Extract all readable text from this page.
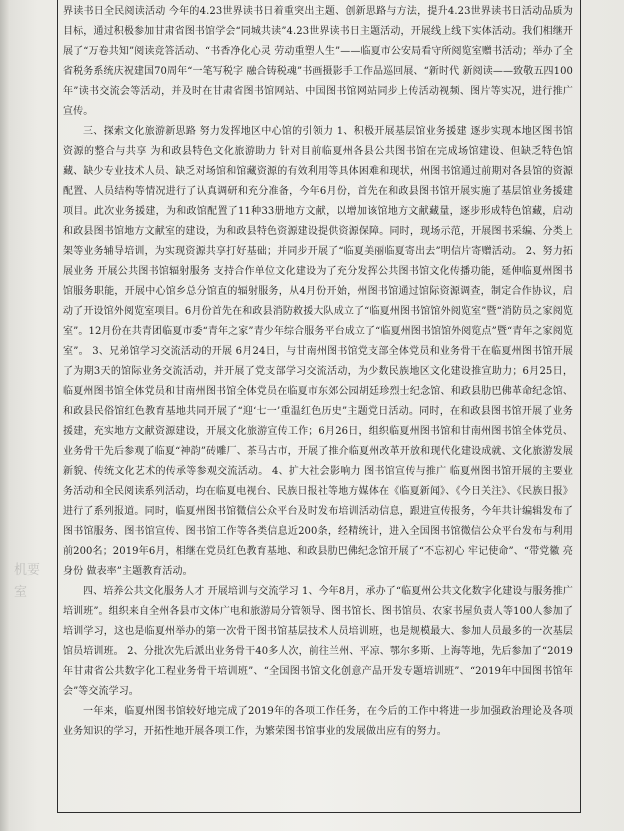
机要室

界读书日全民阅读活动 今年的4.23世界读书日着重突出主题、创新思路与方法，提升4.23世界读书日活动品质为目标，通过积极参加甘肃省图书馆学会“同城共读”4.23世界读书日主题活动，开展线上线下实体活动。我们相继开展了“万卷共知”阅读竞答活动、“书香净化心灵 劳动重塑人生”——临夏市公安局看守所阅览室赠书活动；举办了全省税务系统庆祝建国70周年“一笔写税字 融合铸税魂”书画摄影手工作品巡回展、“新时代 新阅读——致敬五四100年”读书交流会等活动，并及时在甘肃省图书馆网站、中国图书馆网站同步上传活动视频、图片等实况，进行推广宣传。

三、探索文化旅游新思路 努力发挥地区中心馆的引领力 1、积极开展基层馆业务援建 逐步实现本地区图书馆资源的整合与共享 为和政县特色文化旅游助力 针对目前临夏州各县公共图书馆在完成场馆建设、但缺乏特色馆藏、缺少专业技术人员、缺乏对场馆和馆藏资源的有效利用等具体困难和现状，州图书馆通过前期对各县馆的资源配置、人员结构等情况进行了认真调研和充分准备，今年6月份，首先在和政县图书馆开展实施了基层馆业务援建项目。此次业务援建，为和政馆配置了11种33册地方文献，以增加该馆地方文献藏量，逐步形成特色馆藏，启动和政县图书馆地方文献室的建设，为和政县特色资源建设提供资源保障。同时，现场示范，开展图书采编、分类上架等业务辅导培训，为实现资源共享打好基础；并同步开展了“临夏美丽临夏寄出去”明信片寄赠活动。 2、努力拓展业务 开展公共图书馆辐射服务 支持合作单位文化建设为了充分发挥公共图书馆文化传播功能，延伸临夏州图书馆服务职能，开展中心馆乡总分馆直的辐射服务，从4月份开始，州图书馆通过馆际资源调查，制定合作协议，启动了开设馆外阅览室项目。6月份首先在和政县消防救援大队成立了“临夏州图书馆馆外阅览室”暨“消防员之家阅览室”。12月份在共青团临夏市委“青年之家”青少年综合服务平台成立了“临夏州图书馆馆外阅览点”暨“青年之家阅览室”。 3、兄弟馆学习交流活动的开展 6月24日，与甘南州图书馆党支部全体党员和业务骨干在临夏州图书馆开展了为期3天的馆际业务交流活动，并开展了党支部学习交流活动，为少数民族地区文化建设推宣助力；6月25日，临夏州图书馆全体党员和甘南州图书馆全体党员在临夏市东郊公园胡廷珍烈士纪念馆、和政县肋巴佛革命纪念馆、和政县民俗馆红色教育基地共同开展了“迎‘七一’重温红色历史”主题党日活动。同时，在和政县图书馆开展了业务援建，充实地方文献资源建设，开展文化旅游宣传工作；6月26日，组织临夏州图书馆和甘南州图书馆全体党员、业务骨干先后参观了临夏“神韵”砖雕厂、茶马古市，开展了推介临夏州改革开放和现代化建设成就、文化旅游发展新貌、传统文化艺术的传承等参观交流活动。 4、扩大社会影响力 图书馆宣传与推广 临夏州图书馆开展的主要业务活动和全民阅读系列活动，均在临夏电视台、民族日报社等地方媒体在《临夏新闻》、《今日关注》、《民族日报》进行了系列报道。同时，临夏州图书馆微信公众平台及时发布培训活动信息，跟进宣传报务，今年共计编辑发布了图书馆服务、图书馆宣传、图书馆工作等各类信息近200条，经精统计，进入全国图书馆微信公众平台发布与利用前200名；2019年6月，相继在党员红色教育基地、和政县肋巴佛纪念馆开展了“不忘初心 牢记使命”、“带党徽 亮身份 做表率”主题教育活动。

四、培养公共文化服务人才 开展培训与交流学习 1、今年8月，承办了“临夏州公共文化数字化建设与服务推广培训班”。组织来自全州各县市文体广电和旅游局分管领导、图书馆长、图书馆员、农家书屋负责人等100人参加了培训学习，这也是临夏州举办的第一次骨干图书馆基层技术人员培训班，也是规模最大、参加人员最多的一次基层馆员培训班。 2、分批次先后派出业务骨干40多人次，前往兰州、平凉、鄂尔多斯、上海等地，先后参加了“2019年甘肃省公共数字化工程业务骨干培训班”、“全国图书馆文化创意产品开发专题培训班”、“2019年中国图书馆年会”等交流学习。

一年来，临夏州图书馆较好地完成了2019年的各项工作任务，在今后的工作中将进一步加强政治理论及各项业务知识的学习，开拓性地开展各项工作，为繁荣图书馆事业的发展做出应有的努力。
